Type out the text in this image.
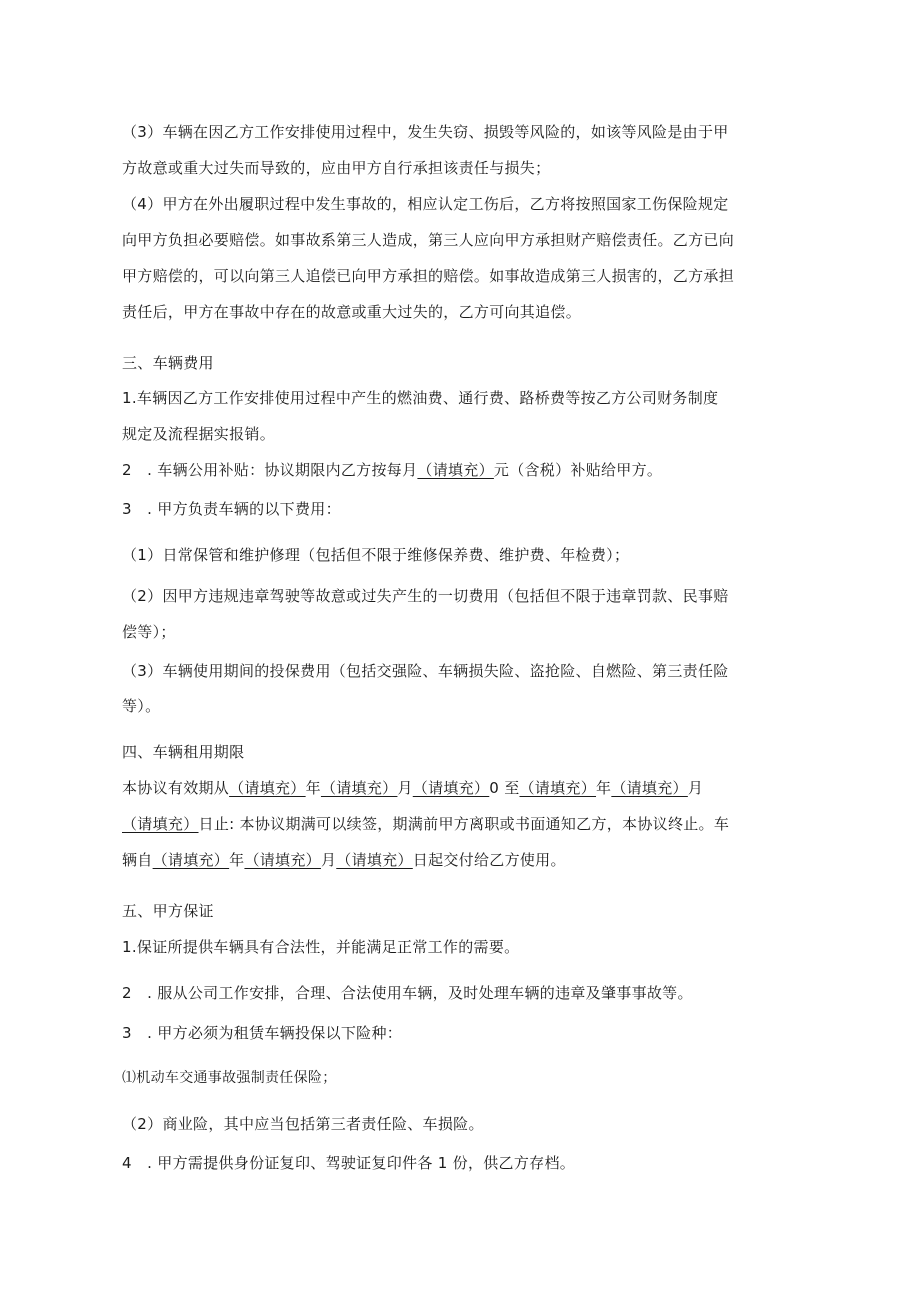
（3）车辆在因乙方工作安排使用过程中，发生失窃、损毁等风险的，如该等风险是由于甲
方故意或重大过失而导致的，应由甲方自行承担该责任与损失；
（4）甲方在外出履职过程中发生事故的，相应认定工伤后，乙方将按照国家工伤保险规定
向甲方负担必要赔偿。如事故系第三人造成，第三人应向甲方承担财产赔偿责任。乙方已向
甲方赔偿的，可以向第三人追偿已向甲方承担的赔偿。如事故造成第三人损害的，乙方承担
责任后，甲方在事故中存在的故意或重大过失的，乙方可向其追偿。
三、车辆费用
1.车辆因乙方工作安排使用过程中产生的燃油费、通行费、路桥费等按乙方公司财务制度
规定及流程据实报销。
2　. 车辆公用补贴：协议期限内乙方按每月（请填充）元（含税）补贴给甲方。
3　. 甲方负责车辆的以下费用：
（1）日常保管和维护修理（包括但不限于维修保养费、维护费、年检费）；
（2）因甲方违规违章驾驶等故意或过失产生的一切费用（包括但不限于违章罚款、民事赔
偿等）；
（3）车辆使用期间的投保费用（包括交强险、车辆损失险、盗抢险、自燃险、第三责任险
等）。
四、车辆租用期限
本协议有效期从（请填充）年（请填充）月（请填充）0 至（请填充）年（请填充）月
（请填充）日止: 本协议期满可以续签，期满前甲方离职或书面通知乙方，本协议终止。车
辆自（请填充）年（请填充）月（请填充）日起交付给乙方使用。
五、甲方保证
1.保证所提供车辆具有合法性，并能满足正常工作的需要。
2　. 服从公司工作安排，合理、合法使用车辆，及时处理车辆的违章及肇事事故等。
3　. 甲方必须为租赁车辆投保以下险种：
⑴机动车交通事故强制责任保险；
（2）商业险，其中应当包括第三者责任险、车损险。
4　. 甲方需提供身份证复印、驾驶证复印件各 1 份，供乙方存档。
